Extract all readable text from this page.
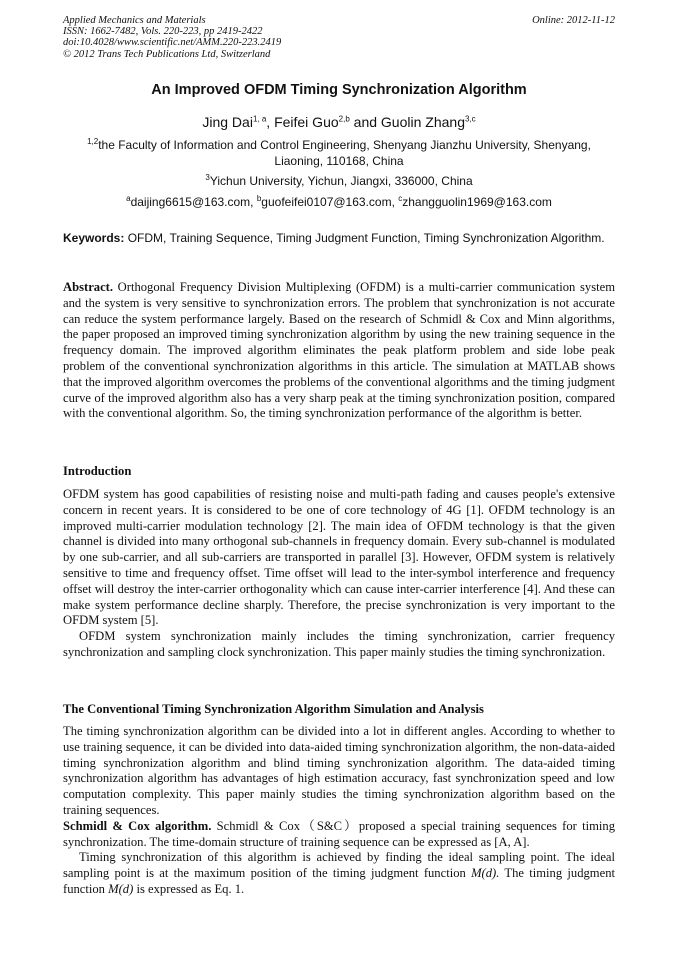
Applied Mechanics and Materials
ISSN: 1662-7482, Vols. 220-223, pp 2419-2422
doi:10.4028/www.scientific.net/AMM.220-223.2419
© 2012 Trans Tech Publications Ltd, Switzerland
Online: 2012-11-12
An Improved OFDM Timing Synchronization Algorithm
Jing Dai$^{1, a}$, Feifei Guo$^{2,b}$ and Guolin Zhang$^{3,c}$
$^{1,2}$the Faculty of Information and Control Engineering, Shenyang Jianzhu University, Shenyang, Liaoning, 110168, China
$^3$Yichun University, Yichun, Jiangxi, 336000, China
$^a$daijing6615@163.com, $^b$guofeifei0107@163.com, $^c$zhangguolin1969@163.com
Keywords: OFDM, Training Sequence, Timing Judgment Function, Timing Synchronization Algorithm.
Abstract. Orthogonal Frequency Division Multiplexing (OFDM) is a multi-carrier communication system and the system is very sensitive to synchronization errors. The problem that synchronization is not accurate can reduce the system performance largely. Based on the research of Schmidl & Cox and Minn algorithms, the paper proposed an improved timing synchronization algorithm by using the new training sequence in the frequency domain. The improved algorithm eliminates the peak platform problem and side lobe peak problem of the conventional synchronization algorithms in this article. The simulation at MATLAB shows that the improved algorithm overcomes the problems of the conventional algorithms and the timing judgment curve of the improved algorithm also has a very sharp peak at the timing synchronization position, compared with the conventional algorithm. So, the timing synchronization performance of the algorithm is better.
Introduction
OFDM system has good capabilities of resisting noise and multi-path fading and causes people's extensive concern in recent years. It is considered to be one of core technology of 4G [1]. OFDM technology is an improved multi-carrier modulation technology [2]. The main idea of OFDM technology is that the given channel is divided into many orthogonal sub-channels in frequency domain. Every sub-channel is modulated by one sub-carrier, and all sub-carriers are transported in parallel [3]. However, OFDM system is relatively sensitive to time and frequency offset. Time offset will lead to the inter-symbol interference and frequency offset will destroy the inter-carrier orthogonality which can cause inter-carrier interference [4]. And these can make system performance decline sharply. Therefore, the precise synchronization is very important to the OFDM system [5].
OFDM system synchronization mainly includes the timing synchronization, carrier frequency synchronization and sampling clock synchronization. This paper mainly studies the timing synchronization.
The Conventional Timing Synchronization Algorithm Simulation and Analysis
The timing synchronization algorithm can be divided into a lot in different angles. According to whether to use training sequence, it can be divided into data-aided timing synchronization algorithm, the non-data-aided timing synchronization algorithm and blind timing synchronization algorithm. The data-aided timing synchronization algorithm has advantages of high estimation accuracy, fast synchronization speed and low computation complexity. This paper mainly studies the timing synchronization algorithm based on the training sequences.
Schmidl & Cox algorithm. Schmidl & Cox（S&C）proposed a special training sequences for timing synchronization. The time-domain structure of training sequence can be expressed as [A, A].
Timing synchronization of this algorithm is achieved by finding the ideal sampling point. The ideal sampling point is at the maximum position of the timing judgment function M(d). The timing judgment function M(d) is expressed as Eq. 1.
